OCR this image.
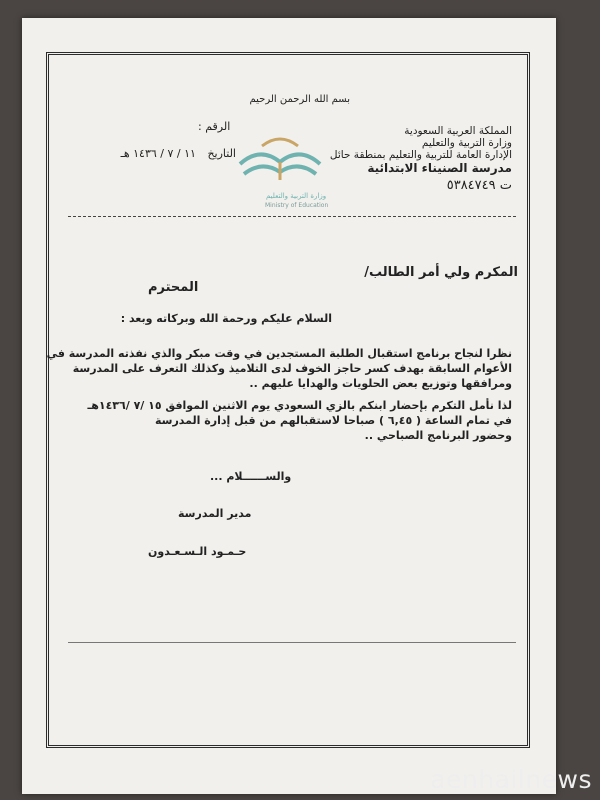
بسم الله الرحمن الرحيم
المملكة العربية السعودية
وزارة التربية والتعليم
الإدارة العامة للتربية والتعليم بمنطقة حائل
مدرسة الصنيناء الابتدائية
ت ٥٣٨٤٧٤٩
الرقم :
التاريخ ١١ / ٧ / ١٤٣٦ هـ
وزارة التربية والتعليم
Ministry of Education
المكرم ولي أمر الطالب/
المحترم
السلام عليكم ورحمة الله وبركاته وبعد :
نظرا لنجاح برنامج استقبال الطلبة المستجدين في وقت مبكر والذي نفذته المدرسة في
الأعوام السابقة بهدف كسر حاجز الخوف لدى التلاميذ وكذلك التعرف على المدرسة
ومرافقها وتوزيع بعض الحلويات والهدايا عليهم ..
لذا نأمل التكرم بإحضار ابنكم بالزي السعودي يوم الاثنين الموافق ١٥ /٧ /١٤٣٦هـ
في تمام الساعة ( ٦,٤٥ ) صباحا لاستقبالهم من قبل إدارة المدرسة
وحضور البرنامج الصباحي ..
والســــــلام ...
مدير المدرسة
حـمـود الـسـعـدون
aenhailnews
